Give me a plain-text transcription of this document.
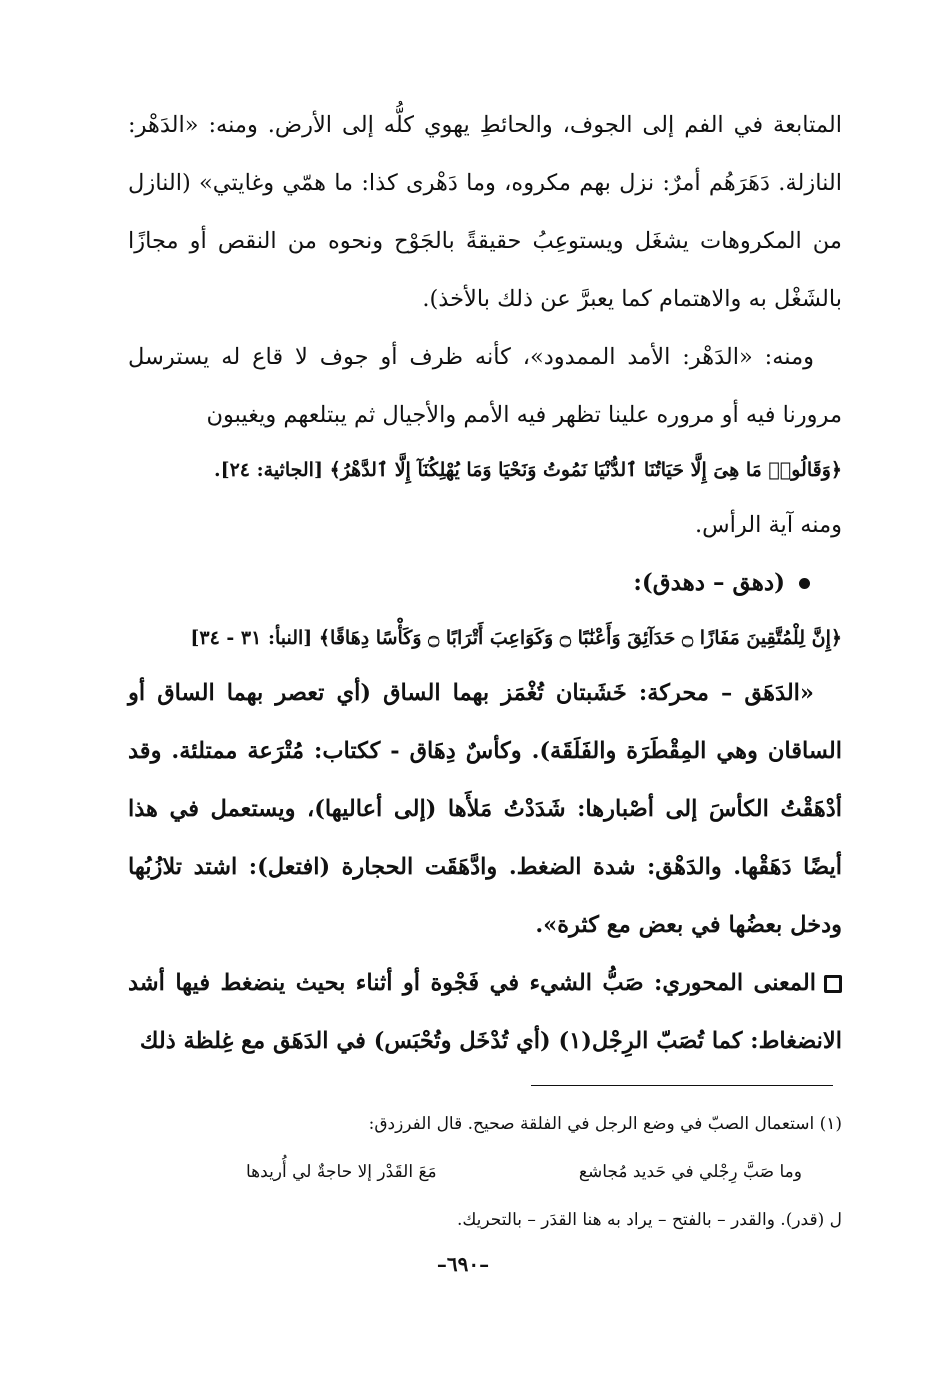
المتابعة في الفم إلى الجوف، والحائطِ يهوي كلُّه إلى الأرض. ومنه: «الدَهْر: النازلة. دَهَرَهُم أمرٌ: نزل بهم مكروه، وما دَهْرى كذا: ما همّي وغايتي» (النازل من المكروهات يشغَل ويستوعِبُ حقيقةً بالجَوْح ونحوه من النقص أو مجازًا بالشَغْل به والاهتمام كما يعبرَّ عن ذلك بالأخذ).

ومنه: «الدَهْر: الأمد الممدود»، كأنه ظرف أو جوف لا قاع له يسترسل مرورنا فيه أو مروره علينا تظهر فيه الأمم والأجيال ثم يبتلعهم ويغيبون

﴿وَقَالُوا۟ مَا هِىَ إِلَّا حَيَاتُنَا ٱلدُّنْيَا نَمُوتُ وَنَحْيَا وَمَا يُهْلِكُنَآ إِلَّا ٱلدَّهْرُ﴾ [الجاثية: ٢٤].

ومنه آية الرأس.

(دهق – دهدق):

﴿إِنَّ لِلْمُتَّقِينَ مَفَازًا ۝ حَدَآئِقَ وَأَعْنَٰبًا ۝ وَكَوَاعِبَ أَتْرَابًا ۝ وَكَأْسًا دِهَاقًا﴾ [النبأ: ٣١ - ٣٤]

«الدَهَق – محركة: خَشَبتان تُغْمَز بهما الساق (أي تعصر بهما الساق أو الساقان وهي المِقْطَرَة والفَلَقَة). وكأسٌ دِهَاق - ككتاب: مُتْرَعة ممتلئة. وقد أدْهَقْتُ الكأسَ إلى أصْبارها: شَدَدْتُ مَلأَها (إلى أعاليها)، ويستعمل في هذا أيضًا دَهَقْها. والدَهْق: شدة الضغط. وادَّهَقَت الحجارة (افتعل): اشتد تلازُبُها ودخل بعضُها في بعض مع كثرة».

المعنى المحوري: صَبُّ الشيء في فَجْوة أو أثناء بحيث ينضغط فيها أشد الانضغاط: كما تُصَبّ الرِجْل(١) (أي تُدْخَل وتُحْبَس) في الدَهَق مع غِلظة ذلك

(١) استعمال الصبّ في وضع الرجل في الفلقة صحيح. قال الفرزدق:
وما صَبَّ رِجْلي في حَديد مُجاشع
مَعَ القَدْر إلا حاجةٌ لي أُريدها
ل (قدر). والقدر – بالفتح – يراد به هنا القدَر – بالتحريك.
–٦٩٠–
